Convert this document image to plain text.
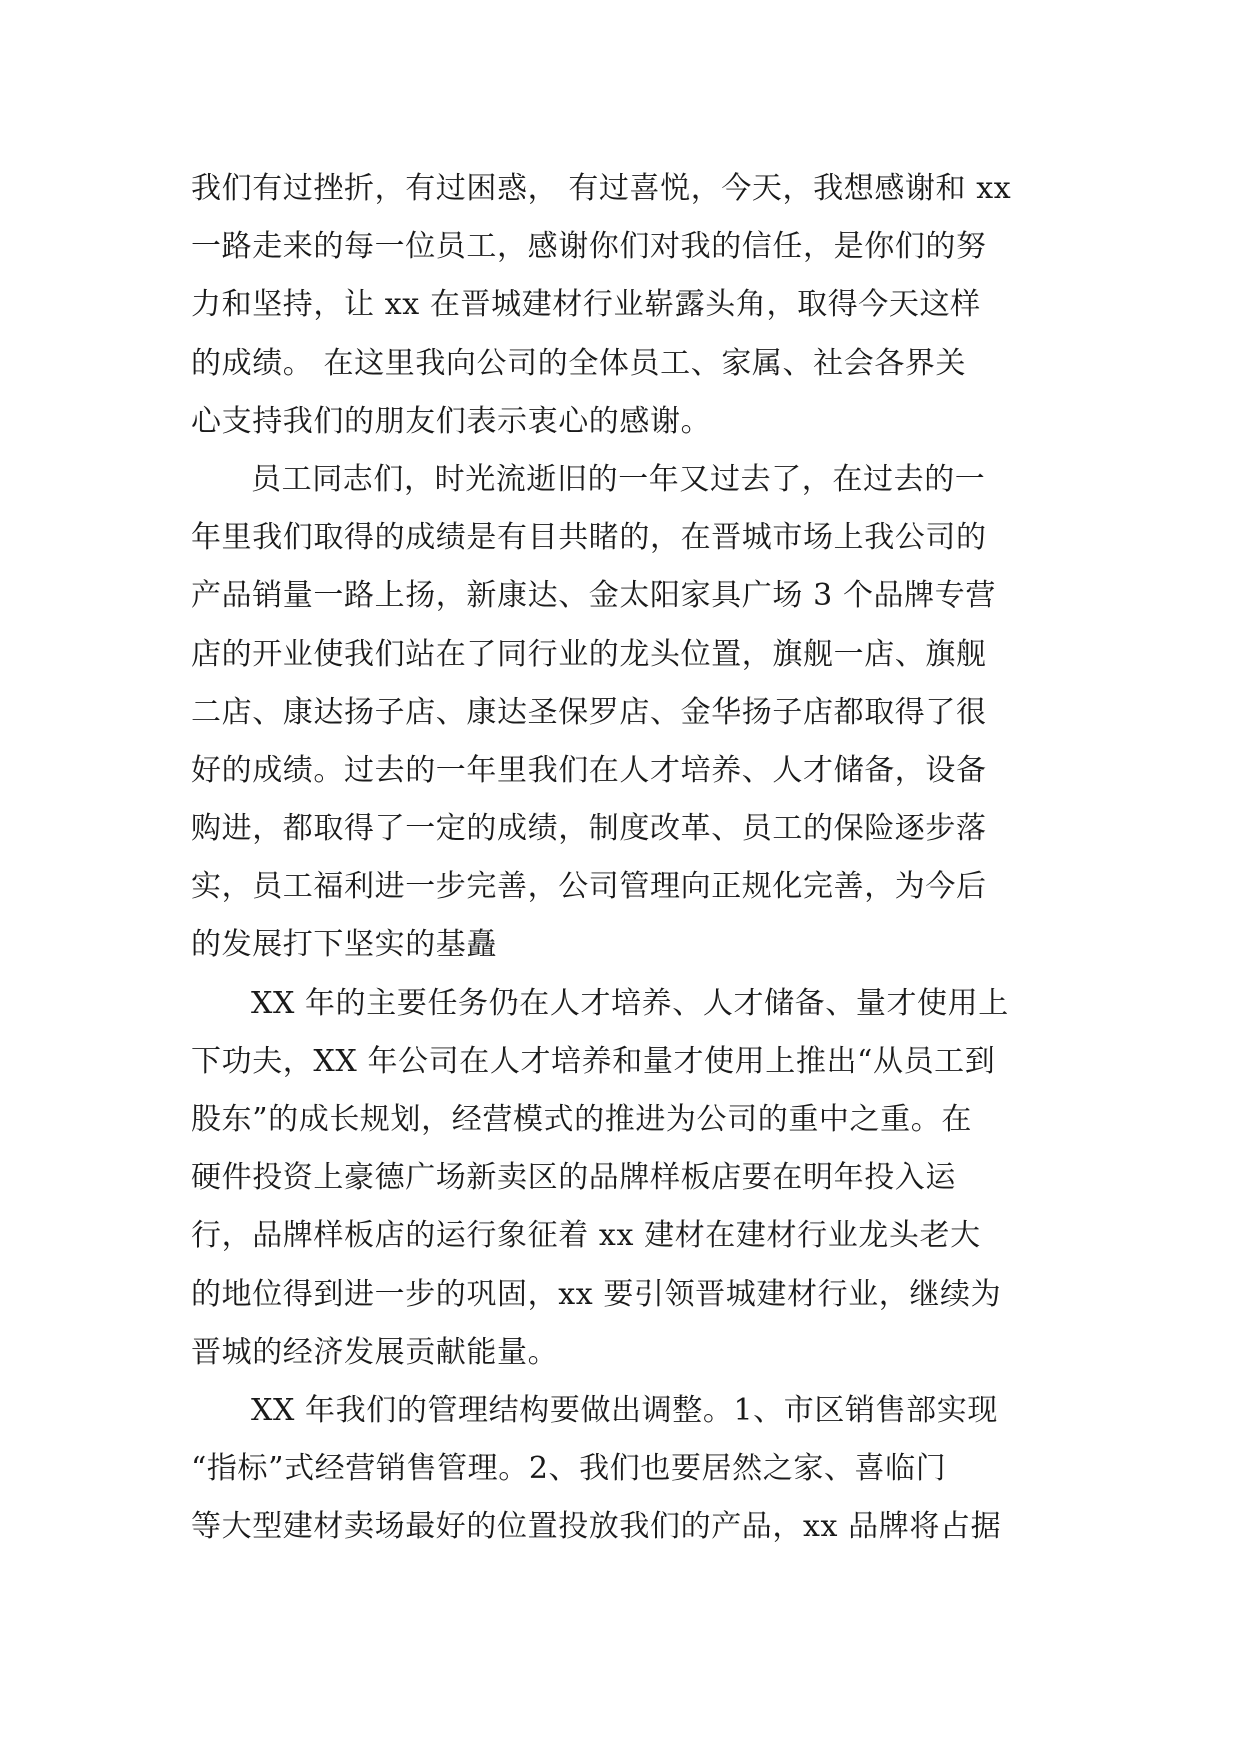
我们有过挫折，有过困惑， 有过喜悦，今天，我想感谢和 xx
一路走来的每一位员工，感谢你们对我的信任，是你们的努
力和坚持，让 xx 在晋城建材行业崭露头角，取得今天这样
的成绩。 在这里我向公司的全体员工、家属、社会各界关
心支持我们的朋友们表示衷心的感谢。
员工同志们，时光流逝旧的一年又过去了，在过去的一
年里我们取得的成绩是有目共睹的，在晋城市场上我公司的
产品销量一路上扬，新康达、金太阳家具广场 3 个品牌专营
店的开业使我们站在了同行业的龙头位置，旗舰一店、旗舰
二店、康达扬子店、康达圣保罗店、金华扬子店都取得了很
好的成绩。过去的一年里我们在人才培养、人才储备，设备
购进，都取得了一定的成绩，制度改革、员工的保险逐步落
实，员工福利进一步完善，公司管理向正规化完善，为今后
的发展打下坚实的基矗
XX 年的主要任务仍在人才培养、人才储备、量才使用上
下功夫，XX 年公司在人才培养和量才使用上推出“从员工到
股东”的成长规划，经营模式的推进为公司的重中之重。在
硬件投资上豪德广场新卖区的品牌样板店要在明年投入运
行，品牌样板店的运行象征着 xx 建材在建材行业龙头老大
的地位得到进一步的巩固，xx 要引领晋城建材行业，继续为
晋城的经济发展贡献能量。
XX 年我们的管理结构要做出调整。1、市区销售部实现
“指标”式经营销售管理。2、我们也要居然之家、喜临门
等大型建材卖场最好的位置投放我们的产品，xx 品牌将占据
